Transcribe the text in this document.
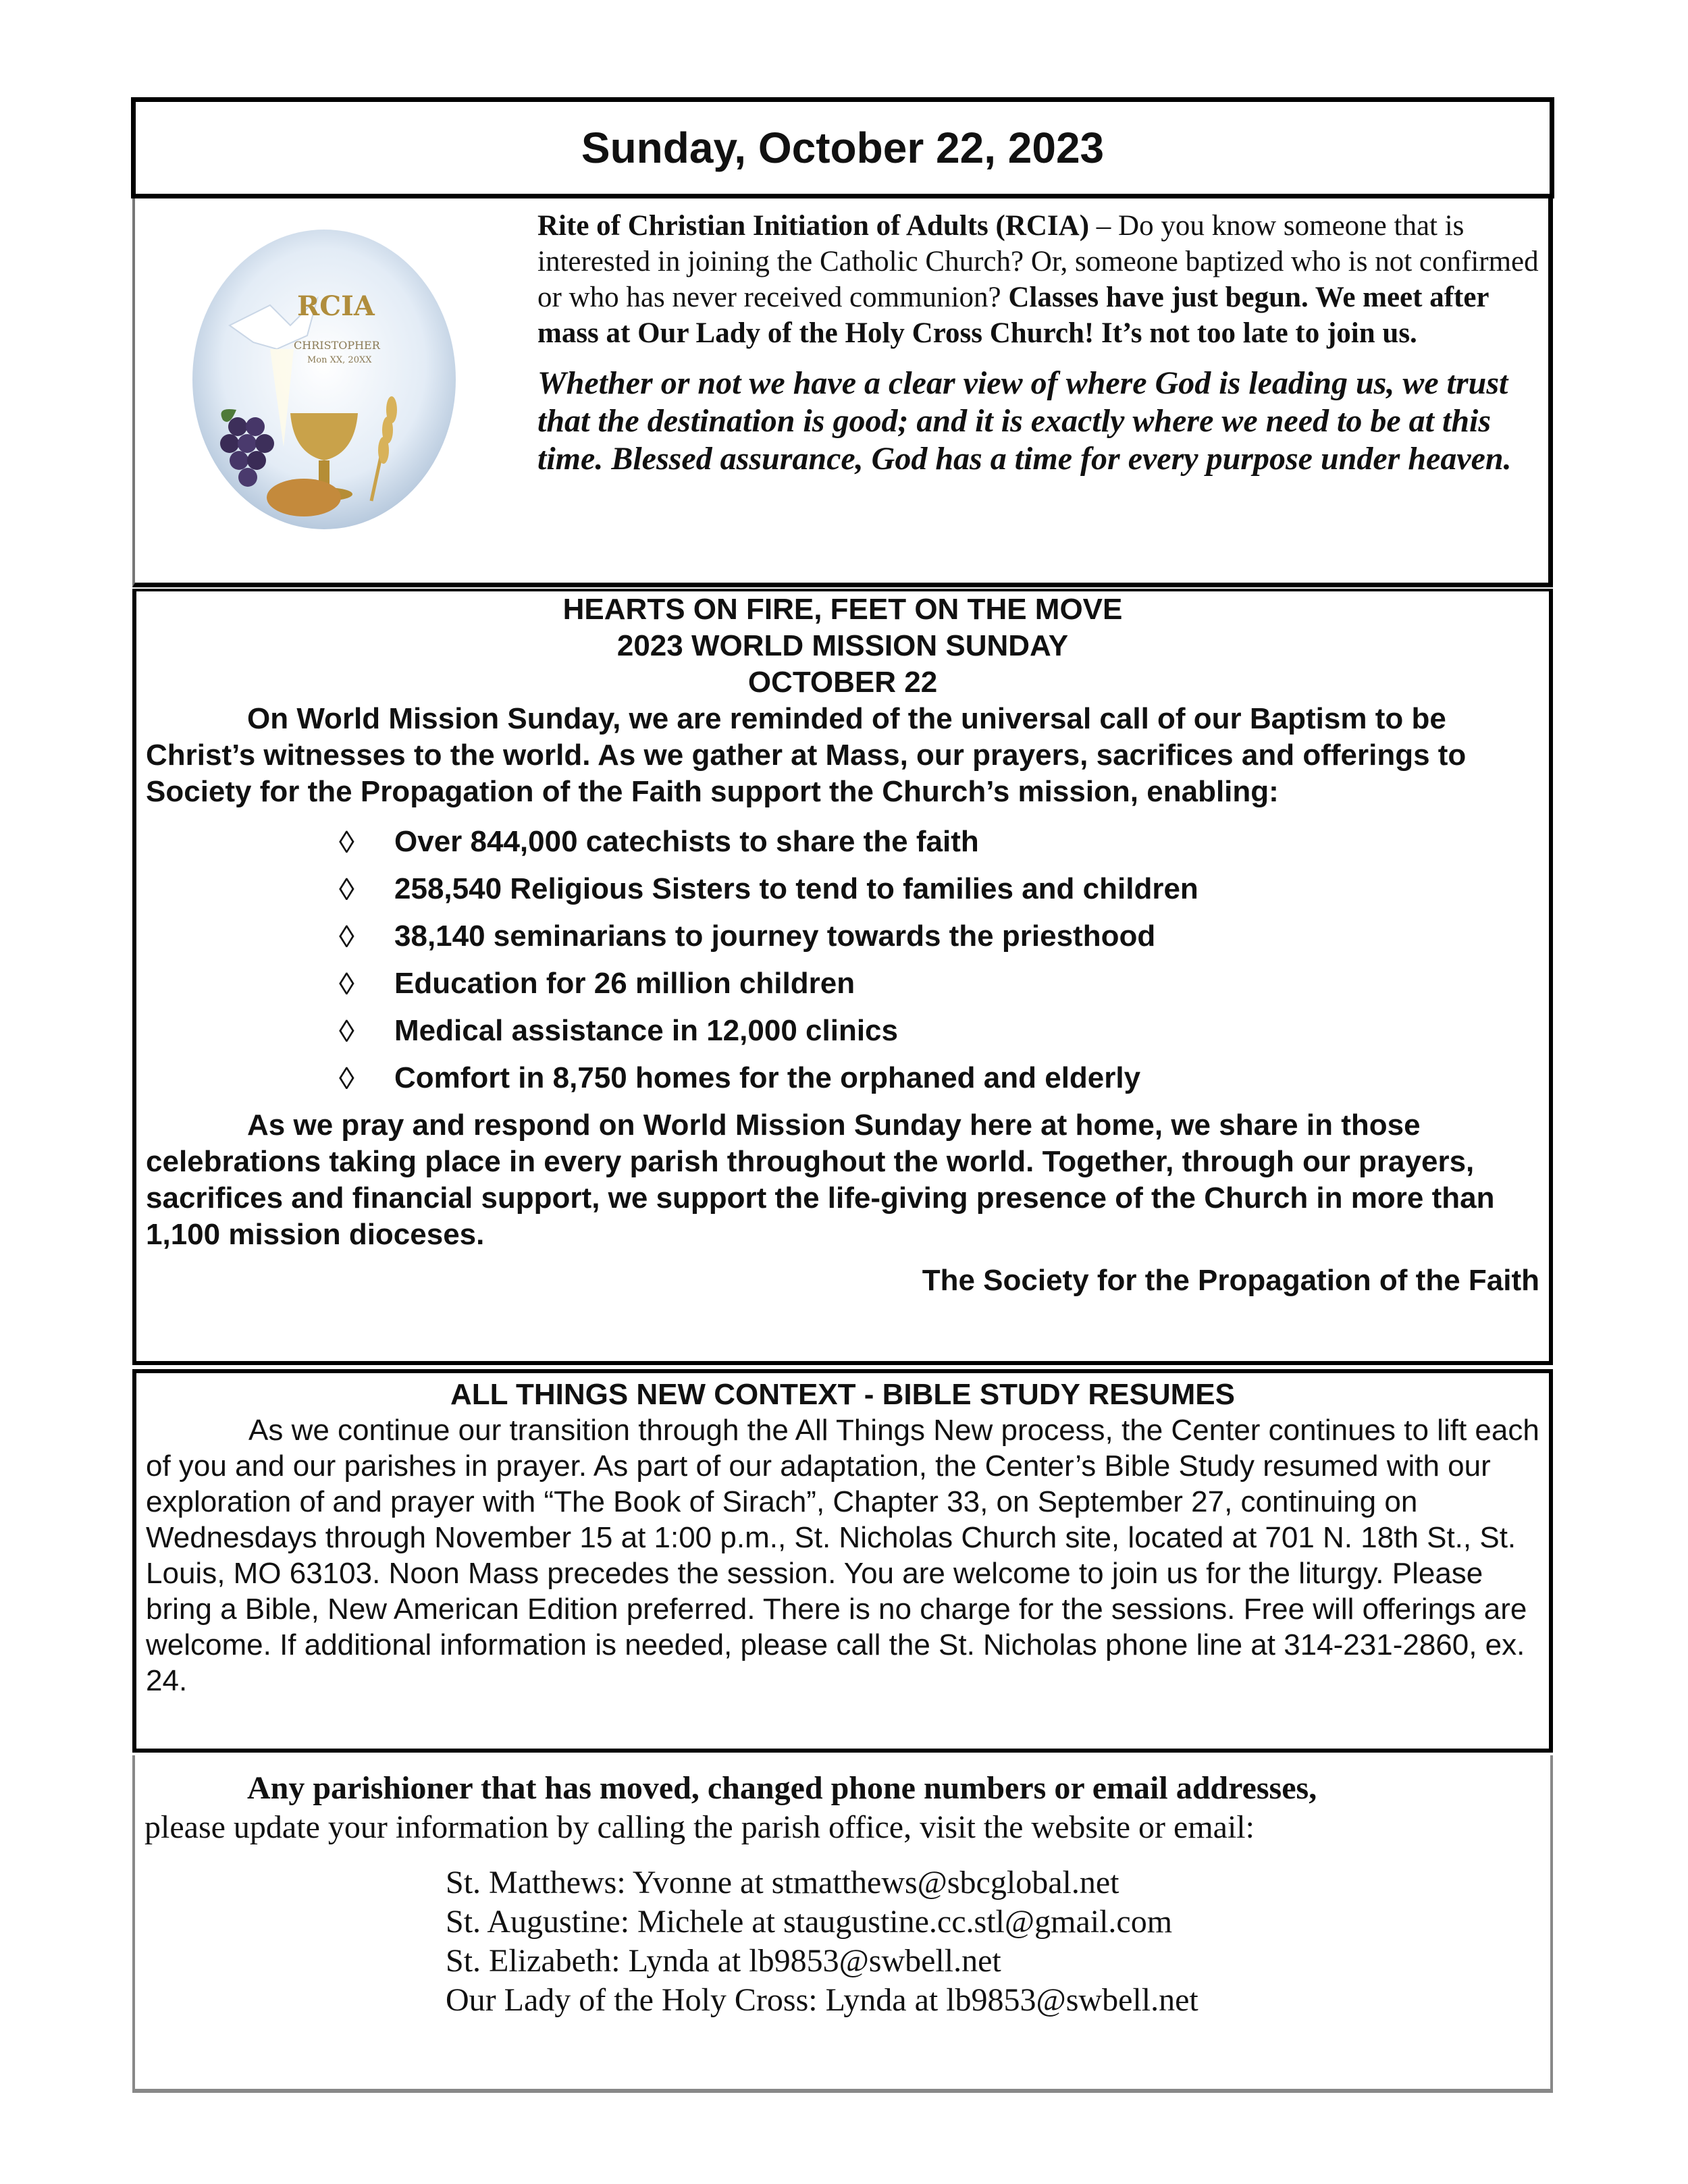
Sunday, October 22, 2023
RCIA
CHRISTOPHER
Mon XX, 20XX

Rite of Christian Initiation of Adults (RCIA) – Do you know someone that is interested in joining the Catholic Church? Or, someone baptized who is not confirmed or who has never received communion? Classes have just begun. We meet after mass at Our Lady of the Holy Cross Church! It’s not too late to join us.

Whether or not we have a clear view of where God is leading us, we trust that the destination is good; and it is exactly where we need to be at this time. Blessed assurance, God has a time for every purpose under heaven.

HEARTS ON FIRE, FEET ON THE MOVE

2023 WORLD MISSION SUNDAY

OCTOBER 22

On World Mission Sunday, we are reminded of the universal call of our Baptism to be Christ’s witnesses to the world. As we gather at Mass, our prayers, sacrifices and offerings to Society for the Propagation of the Faith support the Church’s mission, enabling:

◊	Over 844,000 catechists to share the faith
◊	258,540 Religious Sisters to tend to families and children
◊	38,140 seminarians to journey towards the priesthood
◊	Education for 26 million children
◊	Medical assistance in 12,000 clinics
◊	Comfort in 8,750 homes for the orphaned and elderly

As we pray and respond on World Mission Sunday here at home, we share in those celebrations taking place in every parish throughout the world. Together, through our prayers, sacrifices and financial support, we support the life-giving presence of the Church in more than 1,100 mission dioceses.

The Society for the Propagation of the Faith

ALL THINGS NEW CONTEXT - BIBLE STUDY RESUMES

As we continue our transition through the All Things New process, the Center continues to lift each of you and our parishes in prayer. As part of our adaptation, the Center’s Bible Study resumed with our exploration of and prayer with “The Book of Sirach”, Chapter 33, on September 27, continuing on Wednesdays through November 15 at 1:00 p.m., St. Nicholas Church site, located at 701 N. 18th St., St. Louis, MO 63103. Noon Mass precedes the session. You are welcome to join us for the liturgy. Please bring a Bible, New American Edition preferred. There is no charge for the sessions. Free will offerings are welcome. If additional information is needed, please call the St. Nicholas phone line at 314-231-2860, ex. 24.

Any parishioner that has moved, changed phone numbers or email addresses,
please update your information by calling the parish office, visit the website or email:

St. Matthews: Yvonne at stmatthews@sbcglobal.net
St. Augustine: Michele at staugustine.cc.stl@gmail.com
St. Elizabeth: Lynda at lb9853@swbell.net
Our Lady of the Holy Cross: Lynda at lb9853@swbell.net
